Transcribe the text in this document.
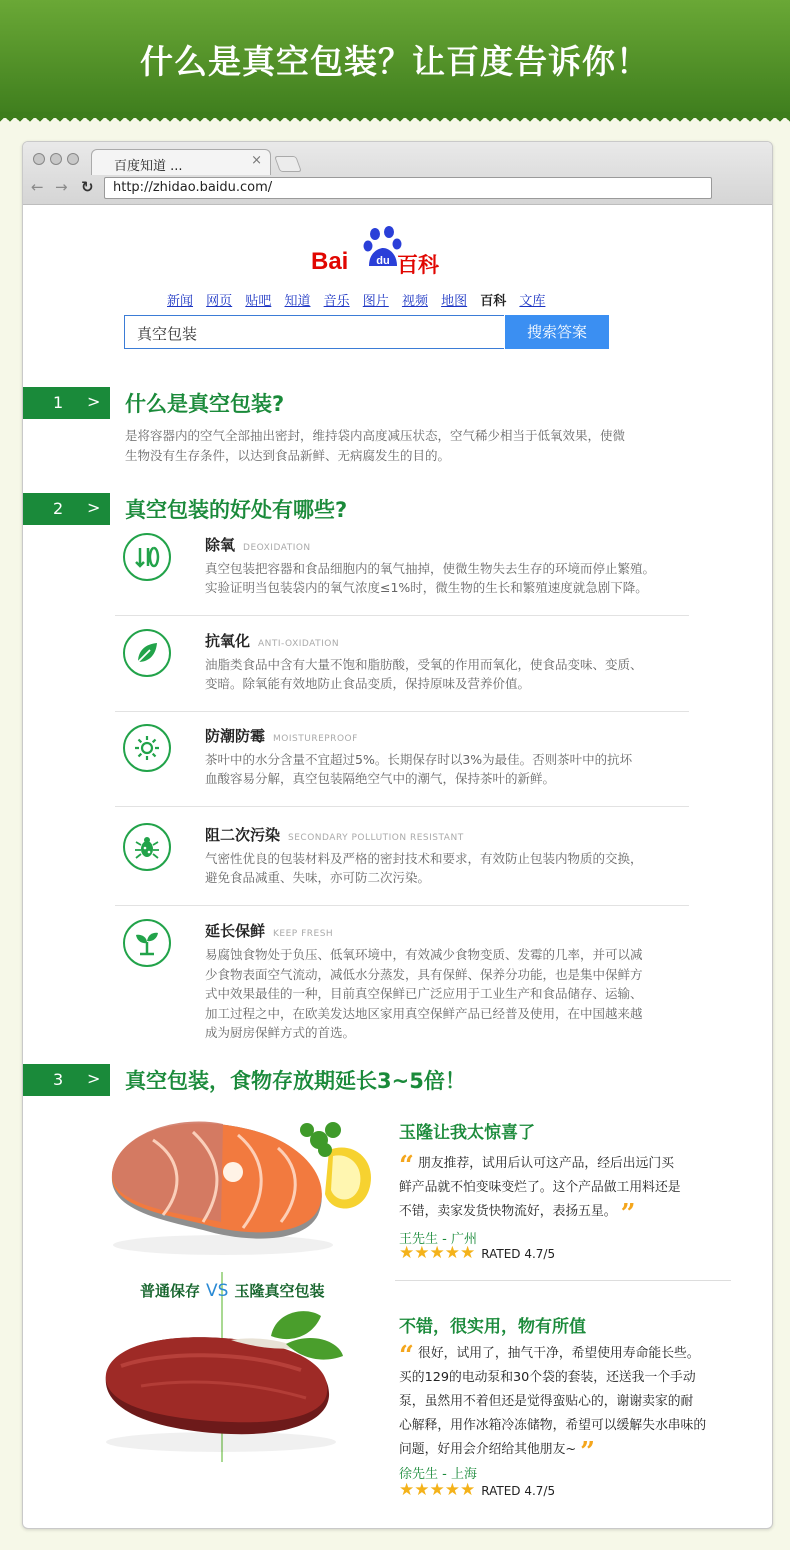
什么是真空包装？让百度告诉你！
百度知道 ...	×
← → ↻ http://zhidao.baidu.com/
Bai	du 百科
新闻 网页 贴吧 知道 音乐 图片 视频 地图 百科 文库
真空包装	搜索答案
1 > 什么是真空包装?
是将容器内的空气全部抽出密封，维持袋内高度减压状态，空气稀少相当于低氧效果，使微
生物没有生存条件，以达到食品新鲜、无病腐发生的目的。
2 > 真空包装的好处有哪些?
除氧 DEOXIDATION
真空包装把容器和食品细胞内的氧气抽掉，使微生物失去生存的环境而停止繁殖。
实验证明当包装袋内的氧气浓度≤1%时，微生物的生长和繁殖速度就急剧下降。
抗氧化 ANTI-OXIDATION
油脂类食品中含有大量不饱和脂肪酸，受氧的作用而氧化，使食品变味、变质、
变暗。除氧能有效地防止食品变质，保持原味及营养价值。
防潮防霉 MOISTUREPROOF
茶叶中的水分含量不宜超过5%。长期保存时以3%为最佳。否则茶叶中的抗坏
血酸容易分解，真空包装隔绝空气中的潮气，保持茶叶的新鲜。
阻二次污染 SECONDARY POLLUTION RESISTANT
气密性优良的包装材料及严格的密封技术和要求，有效防止包装内物质的交换，
避免食品减重、失味，亦可防二次污染。
延长保鲜 KEEP FRESH
易腐蚀食物处于负压、低氧环境中，有效减少食物变质、发霉的几率，并可以减
少食物表面空气流动，减低水分蒸发，具有保鲜、保养分功能，也是集中保鲜方
式中效果最佳的一种，目前真空保鲜已广泛应用于工业生产和食品储存、运输、
加工过程之中，在欧美发达地区家用真空保鲜产品已经普及使用，在中国越来越
成为厨房保鲜方式的首选。
3 > 真空包装，食物存放期延长3~5倍！
普通保存 VS 玉隆真空包装
玉隆让我太惊喜了
“ 朋友推荐，试用后认可这产品，经后出远门买
鲜产品就不怕变味变烂了。这个产品做工用料还是
不错，卖家发货快物流好，表扬五星。 ”
王先生 - 广州
★★★★★ RATED 4.7/5
不错，很实用，物有所值
“ 很好，试用了，抽气干净，希望使用寿命能长些。
买的129的电动泵和30个袋的套装，还送我一个手动
泵，虽然用不着但还是觉得蛮贴心的，谢谢卖家的耐
心解释，用作冰箱冷冻储物，希望可以缓解失水串味的
问题，好用会介绍给其他朋友~ ”
徐先生 - 上海
★★★★★ RATED 4.7/5
